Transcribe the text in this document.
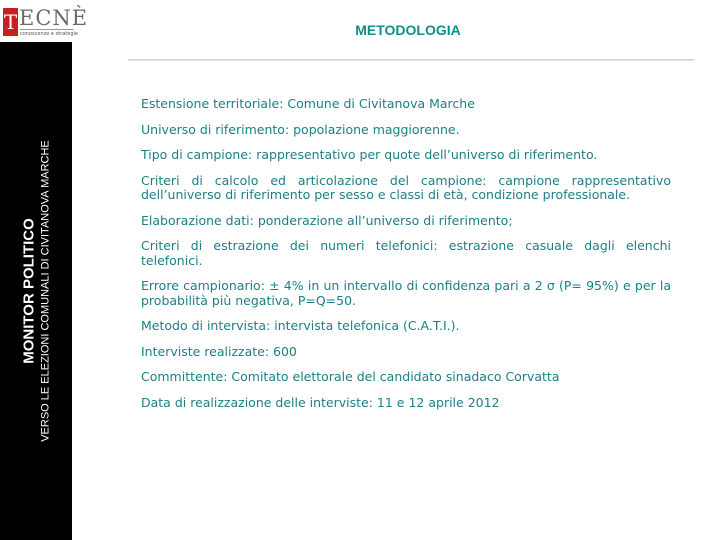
T ECNÈ
conoscenze e strategie
MONITOR POLITICO VERSO LE ELEZIONI COMUNALI DI CIVITANOVA MARCHE
METODOLOGIA

Estensione territoriale: Comune di Civitanova Marche

Universo di riferimento: popolazione maggiorenne.

Tipo di campione: rappresentativo per quote dell’universo di riferimento.

Criteri di calcolo ed articolazione del campione: campione rappresentativo dell’universo di riferimento per sesso e classi di età, condizione professionale.

Elaborazione dati: ponderazione all’universo di riferimento;

Criteri di estrazione dei numeri telefonici: estrazione casuale dagli elenchi telefonici.

Errore campionario: ± 4% in un intervallo di confidenza pari a 2 σ (P= 95%) e per la probabilità più negativa, P=Q=50.

Metodo di intervista: intervista telefonica (C.A.T.I.).

Interviste realizzate: 600

Committente: Comitato elettorale del candidato sinadaco Corvatta

Data di realizzazione delle interviste: 11 e 12 aprile 2012
